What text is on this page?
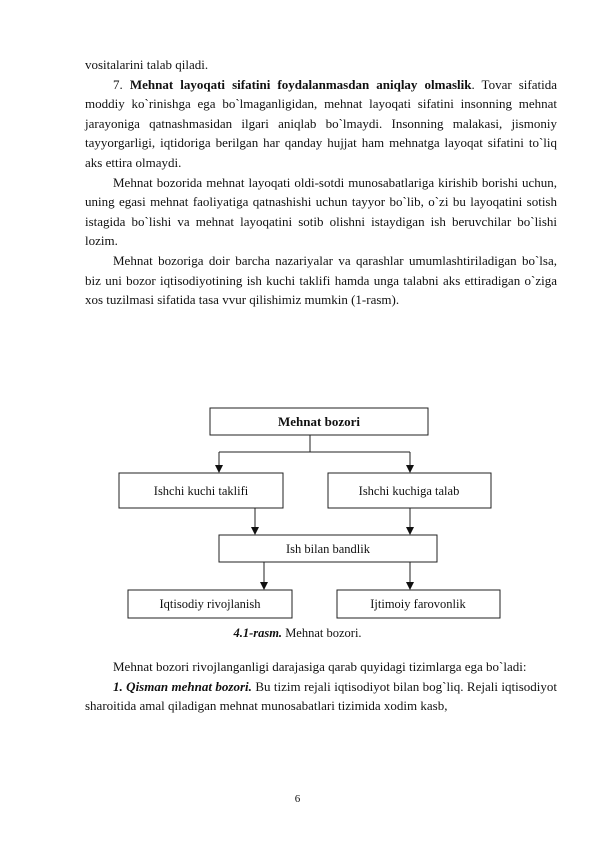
vositalarini talab qiladi.

7. Mehnat layoqati sifatini foydalanmasdan aniqlay olmaslik. Tovar sifatida moddiy ko`rinishga ega bo`lmaganligidan, mehnat layoqati sifatini insonning mehnat jarayoniga qatnashmasidan ilgari aniqlab bo`lmaydi. Insonning malakasi, jismoniy tayyorgarligi, iqtidoriga berilgan har qanday hujjat ham mehnatga layoqat sifatini to`liq aks ettira olmaydi.

Mehnat bozorida mehnat layoqati oldi-sotdi munosabatlariga kirishib borishi uchun, uning egasi mehnat faoliyatiga qatnashishi uchun tayyor bo`lib, o`zi bu layoqatini sotish istagida bo`lishi va mehnat layoqatini sotib olishni istaydigan ish beruvchilar bo`lishi lozim.

Mehnat bozoriga doir barcha nazariyalar va qarashlar umumlashtiriladigan bo`lsa, biz uni bozor iqtisodiyotining ish kuchi taklifi hamda unga talabni aks ettiradigan o`ziga xos tuzilmasi sifatida tasa vvur qilishimiz mumkin (1-rasm).

Mehnat bozori
Ishchi kuchi taklifi	Ishchi kuchiga talab
Ish bilan bandlik
Iqtisodiy rivojlanish	Ijtimoiy farovonlik
4.1-rasm. Mehnat bozori.

Mehnat bozori rivojlanganligi darajasiga qarab quyidagi tizimlarga ega bo`ladi:

1. Qisman mehnat bozori. Bu tizim rejali iqtisodiyot bilan bog`liq. Rejali iqtisodiyot sharoitida amal qiladigan mehnat munosabatlari tizimida xodim kasb,

6
